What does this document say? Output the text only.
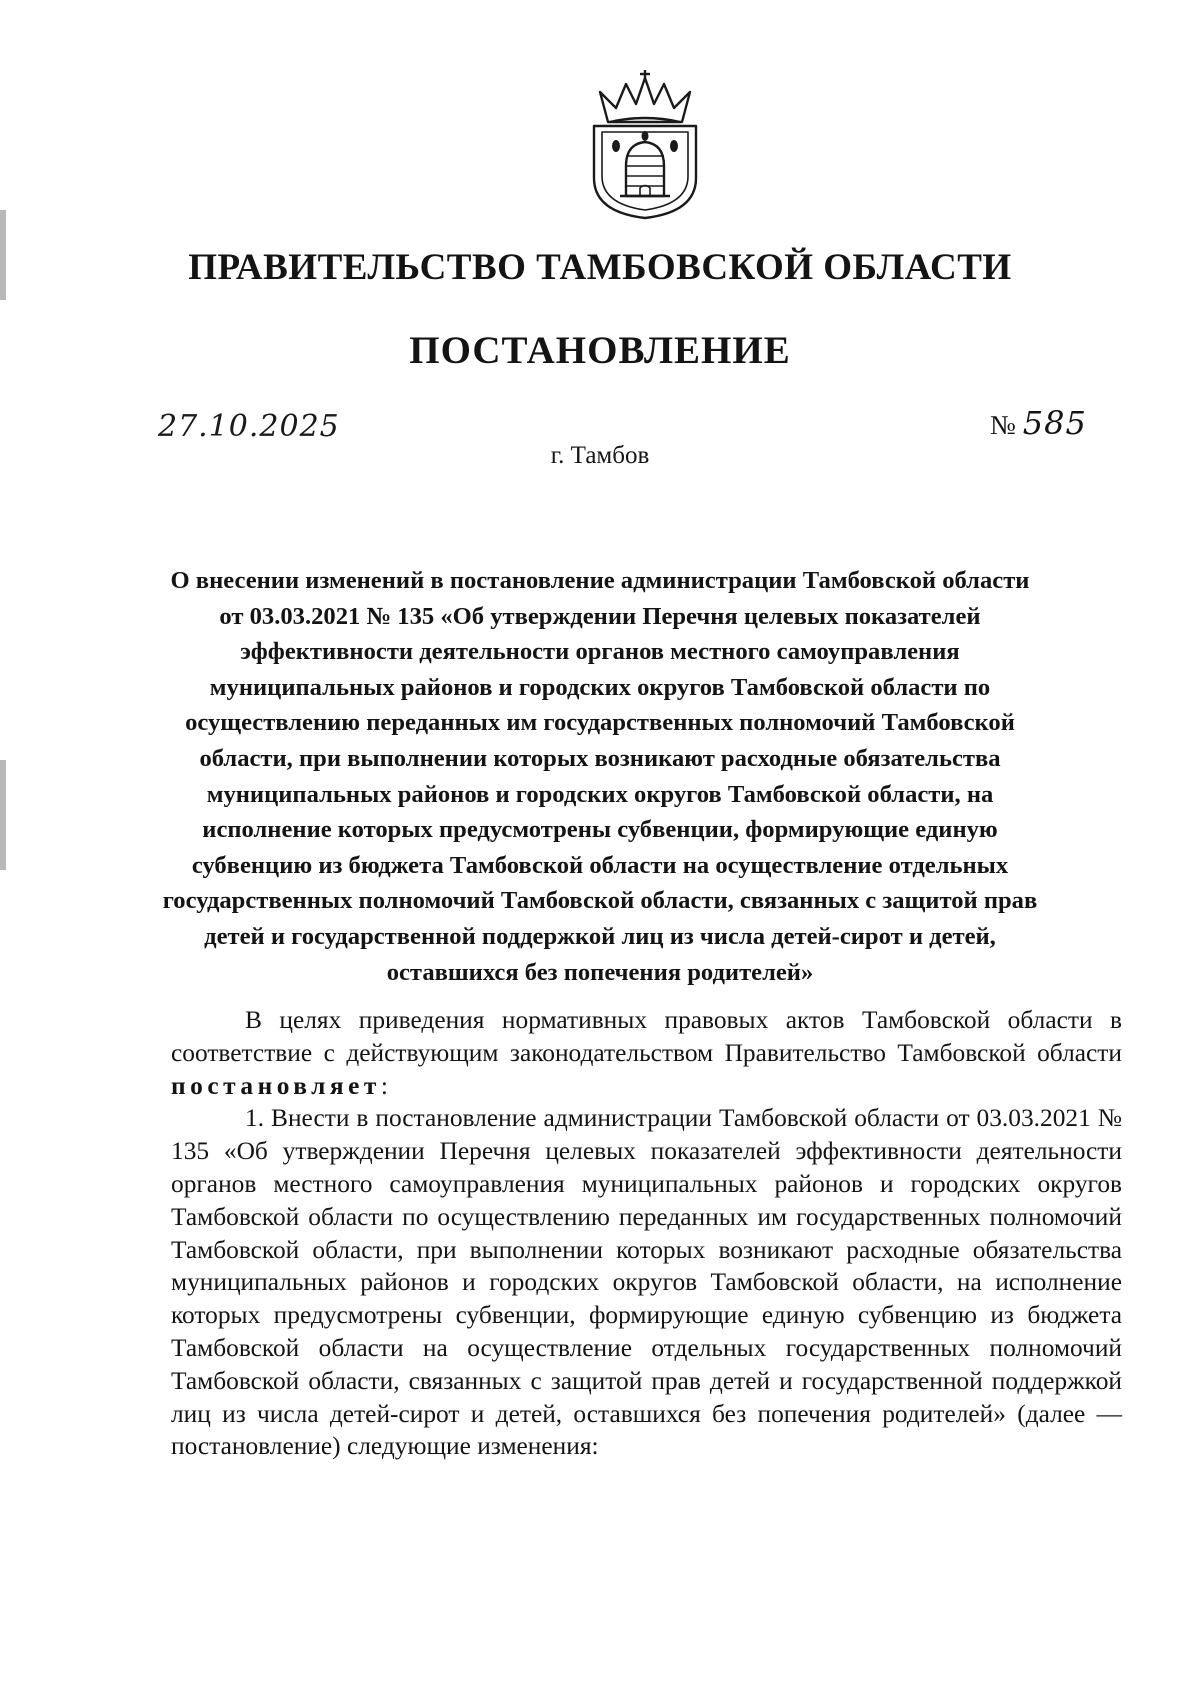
ПРАВИТЕЛЬСТВО ТАМБОВСКОЙ ОБЛАСТИ
ПОСТАНОВЛЕНИЕ
27.10.2025	№ 585
г. Тамбов

О внесении изменений в постановление администрации Тамбовской области от 03.03.2021 № 135 «Об утверждении Перечня целевых показателей эффективности деятельности органов местного самоуправления муниципальных районов и городских округов Тамбовской области по осуществлению переданных им государственных полномочий Тамбовской области, при выполнении которых возникают расходные обязательства муниципальных районов и городских округов Тамбовской области, на исполнение которых предусмотрены субвенции, формирующие единую субвенцию из бюджета Тамбовской области на осуществление отдельных государственных полномочий Тамбовской области, связанных с защитой прав детей и государственной поддержкой лиц из числа детей-сирот и детей, оставшихся без попечения родителей»

В целях приведения нормативных правовых актов Тамбовской области в соответствие с действующим законодательством Правительство Тамбовской области постановляет:

1. Внести в постановление администрации Тамбовской области от 03.03.2021 № 135 «Об утверждении Перечня целевых показателей эффективности деятельности органов местного самоуправления муниципальных районов и городских округов Тамбовской области по осуществлению переданных им государственных полномочий Тамбовской области, при выполнении которых возникают расходные обязательства муниципальных районов и городских округов Тамбовской области, на исполнение которых предусмотрены субвенции, формирующие единую субвенцию из бюджета Тамбовской области на осуществление отдельных государственных полномочий Тамбовской области, связанных с защитой прав детей и государственной поддержкой лиц из числа детей-сирот и детей, оставшихся без попечения родителей» (далее — постановление) следующие изменения:
